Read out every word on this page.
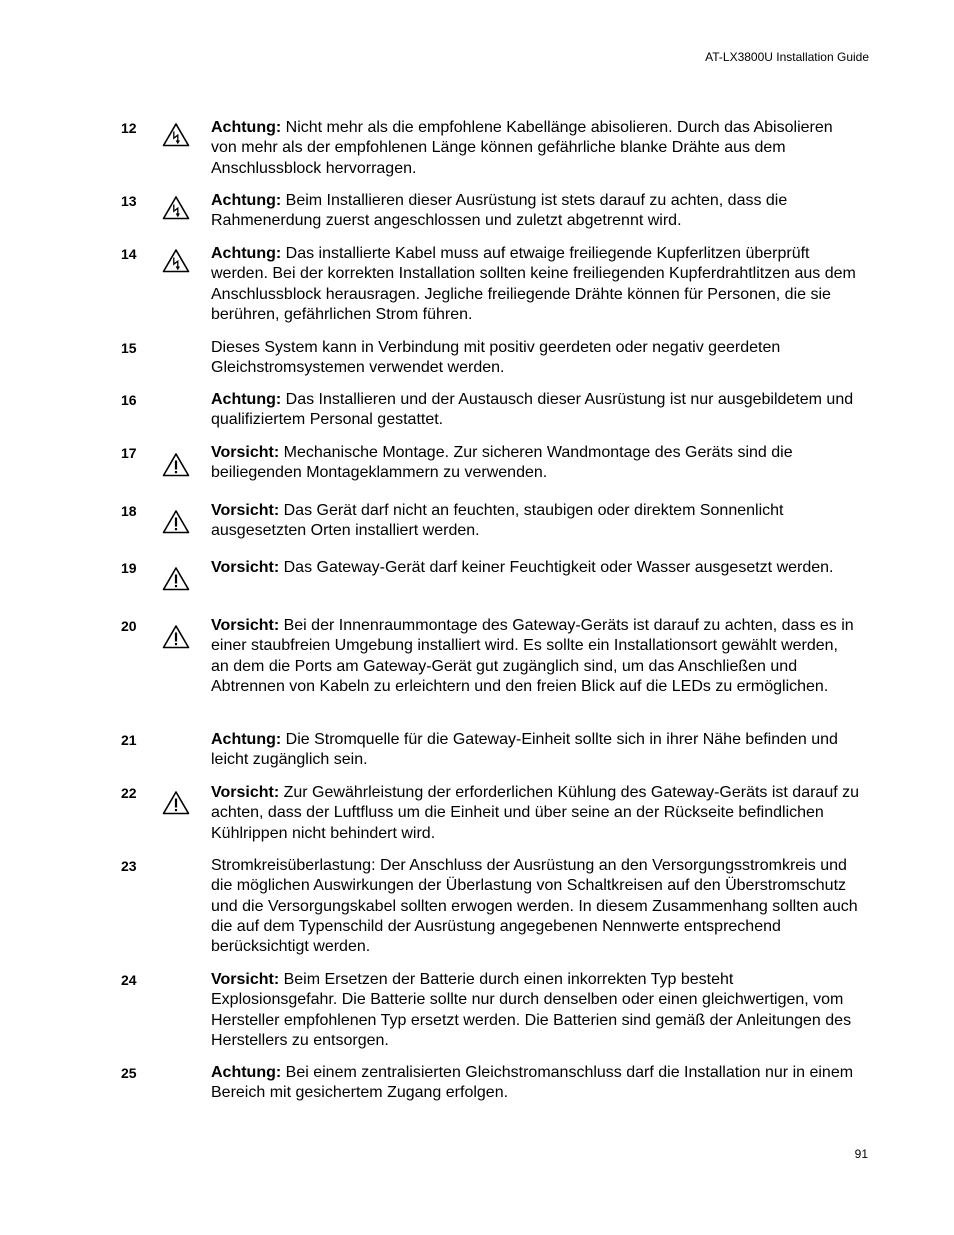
AT-LX3800U Installation Guide
12	Achtung: Nicht mehr als die empfohlene Kabellänge abisolieren. Durch das Abisolieren von mehr als der empfohlenen Länge können gefährliche blanke Drähte aus dem Anschlussblock hervorragen.
13	Achtung: Beim Installieren dieser Ausrüstung ist stets darauf zu achten, dass die Rahmenerdung zuerst angeschlossen und zuletzt abgetrennt wird.
14	Achtung: Das installierte Kabel muss auf etwaige freiliegende Kupferlitzen überprüft werden. Bei der korrekten Installation sollten keine freiliegenden Kupferdrahtlitzen aus dem Anschlussblock herausragen. Jegliche freiliegende Drähte können für Personen, die sie berühren, gefährlichen Strom führen.
15	Dieses System kann in Verbindung mit positiv geerdeten oder negativ geerdeten Gleichstromsystemen verwendet werden.
16	Achtung: Das Installieren und der Austausch dieser Ausrüstung ist nur ausgebildetem und qualifiziertem Personal gestattet.
17	Vorsicht: Mechanische Montage. Zur sicheren Wandmontage des Geräts sind die beiliegenden Montageklammern zu verwenden.
18	Vorsicht: Das Gerät darf nicht an feuchten, staubigen oder direktem Sonnenlicht ausgesetzten Orten installiert werden.
19	Vorsicht: Das Gateway-Gerät darf keiner Feuchtigkeit oder Wasser ausgesetzt werden.
20	Vorsicht: Bei der Innenraummontage des Gateway-Geräts ist darauf zu achten, dass es in einer staubfreien Umgebung installiert wird. Es sollte ein Installationsort gewählt werden, an dem die Ports am Gateway-Gerät gut zugänglich sind, um das Anschließen und Abtrennen von Kabeln zu erleichtern und den freien Blick auf die LEDs zu ermöglichen.
21	Achtung: Die Stromquelle für die Gateway-Einheit sollte sich in ihrer Nähe befinden und leicht zugänglich sein.
22	Vorsicht: Zur Gewährleistung der erforderlichen Kühlung des Gateway-Geräts ist darauf zu achten, dass der Luftfluss um die Einheit und über seine an der Rückseite befindlichen Kühlrippen nicht behindert wird.
23	Stromkreisüberlastung: Der Anschluss der Ausrüstung an den Versorgungsstromkreis und die möglichen Auswirkungen der Überlastung von Schaltkreisen auf den Überstromschutz und die Versorgungskabel sollten erwogen werden. In diesem Zusammenhang sollten auch die auf dem Typenschild der Ausrüstung angegebenen Nennwerte entsprechend berücksichtigt werden.
24	Vorsicht: Beim Ersetzen der Batterie durch einen inkorrekten Typ besteht Explosionsgefahr. Die Batterie sollte nur durch denselben oder einen gleichwertigen, vom Hersteller empfohlenen Typ ersetzt werden. Die Batterien sind gemäß der Anleitungen des Herstellers zu entsorgen.
25	Achtung: Bei einem zentralisierten Gleichstromanschluss darf die Installation nur in einem Bereich mit gesichertem Zugang erfolgen.
91
